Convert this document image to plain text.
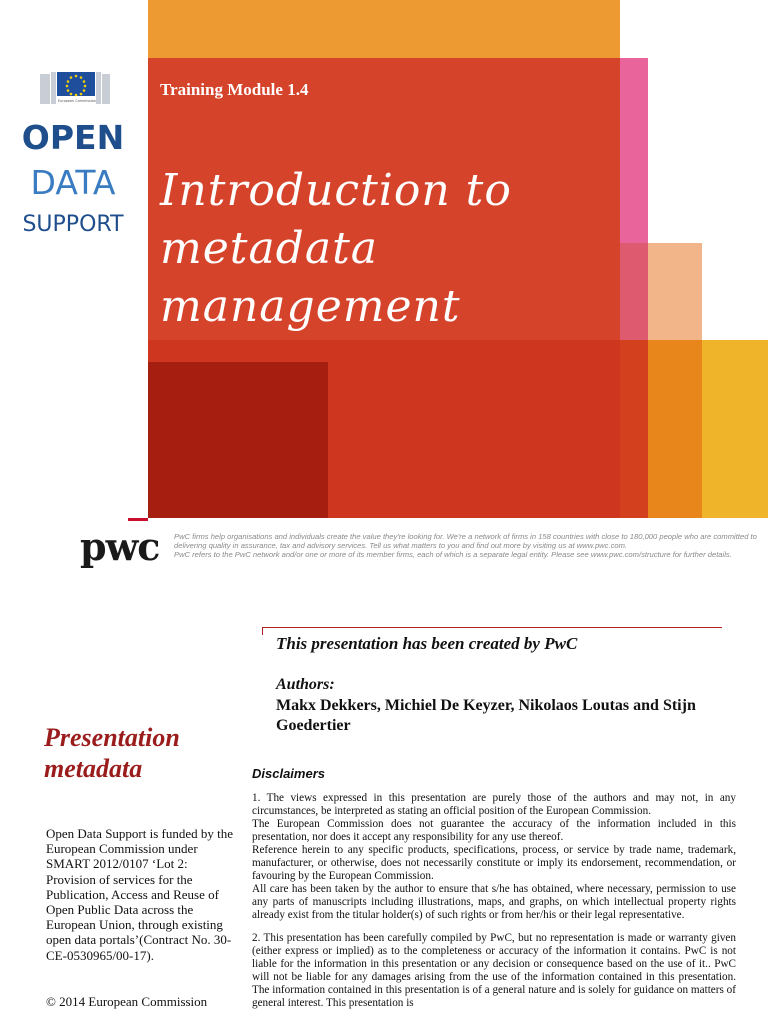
European Commission
OPEN
DATA
SUPPORT
Training Module 1.4
Introduction to metadata management
pwc PwC firms help organisations and individuals create the value they're looking for. We're a network of firms in 158 countries with close to 180,000 people who are committed to
delivering quality in assurance, tax and advisory services. Tell us what matters to you and find out more by visiting us at www.pwc.com.
PwC refers to the PwC network and/or one or more of its member firms, each of which is a separate legal entity. Please see www.pwc.com/structure for further details.
This presentation has been created by PwC
Authors:
Makx Dekkers, Michiel De Keyzer, Nikolaos Loutas and Stijn Goedertier
Disclaimers

1. The views expressed in this presentation are purely those of the authors and may not, in any circumstances, be interpreted as stating an official position of the European Commission.

The European Commission does not guarantee the accuracy of the information included in this presentation, nor does it accept any responsibility for any use thereof.

Reference herein to any specific products, specifications, process, or service by trade name, trademark, manufacturer, or otherwise, does not necessarily constitute or imply its endorsement, recommendation, or favouring by the European Commission.

All care has been taken by the author to ensure that s/he has obtained, where necessary, permission to use any parts of manuscripts including illustrations, maps, and graphs, on which intellectual property rights already exist from the titular holder(s) of such rights or from her/his or their legal representative.

2. This presentation has been carefully compiled by PwC, but no representation is made or warranty given (either express or implied) as to the completeness or accuracy of the information it contains. PwC is not liable for the information in this presentation or any decision or consequence based on the use of it.. PwC will not be liable for any damages arising from the use of the information contained in this presentation. The information contained in this presentation is of a general nature and is solely for guidance on matters of general interest. This presentation is

Presentation metadata
Open Data Support is funded by the European Commission under SMART 2012/0107 ‘Lot 2: Provision of services for the Publication, Access and Reuse of Open Public Data across the European Union, through existing open data portals’(Contract No. 30-CE-0530965/00-17).
© 2014 European Commission
